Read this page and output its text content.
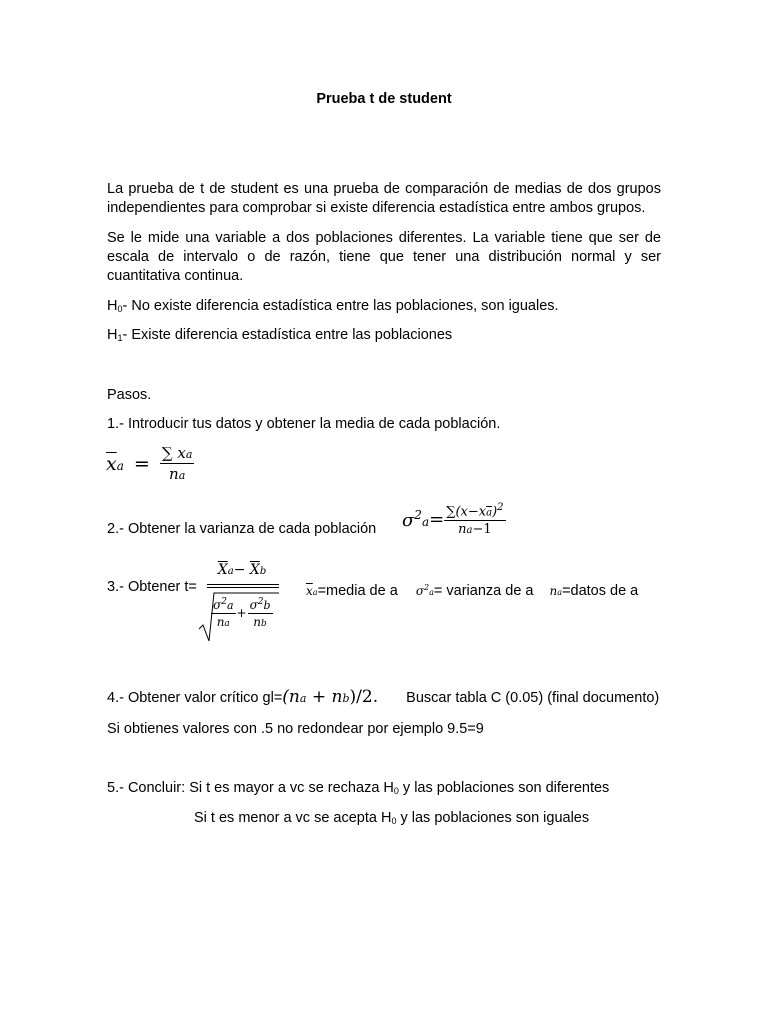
Prueba t de student

La prueba de t de student es una prueba de comparación de medias de dos grupos independientes para comprobar si existe diferencia estadística entre ambos grupos.

Se le mide una variable a dos poblaciones diferentes. La variable tiene que ser de escala de intervalo o de razón, tiene que tener una distribución normal y ser cuantitativa continua.

$H_0-$ No existe diferencia estadística entre las poblaciones, son iguales.
$H_1-$ Existe diferencia estadística entre las poblaciones
Pasos.
1.- Introducir tus datos y obtener la media de cada población.
$\overline{x}a = \frac{\sum xa}{na}$
2.- Obtener la varianza de cada población $\sigma^2a= \frac{\sum(x-x\overline{a})^2}{na-1}$
3.- Obtener t=
$\overline{X}a- \overline{X}b$
$\frac{\sigma^2a}{na} + \frac{\sigma^2b}{nb}$
$\overline{x}a=media$ de a $\sigma^2a=$ varianza de a na=datos de a
4.- Obtener valor crítico gl=(na + nb)/2. Buscar tabla C (0.05) (final documento)
Si obtienes valores con .5 no redondear por ejemplo 9.5=9
5.- Concluir: Si t es mayor a vc se rechaza $H_0$ y las poblaciones son diferentes
Si t es menor a vc se acepta $H_0$ y las poblaciones son iguales
